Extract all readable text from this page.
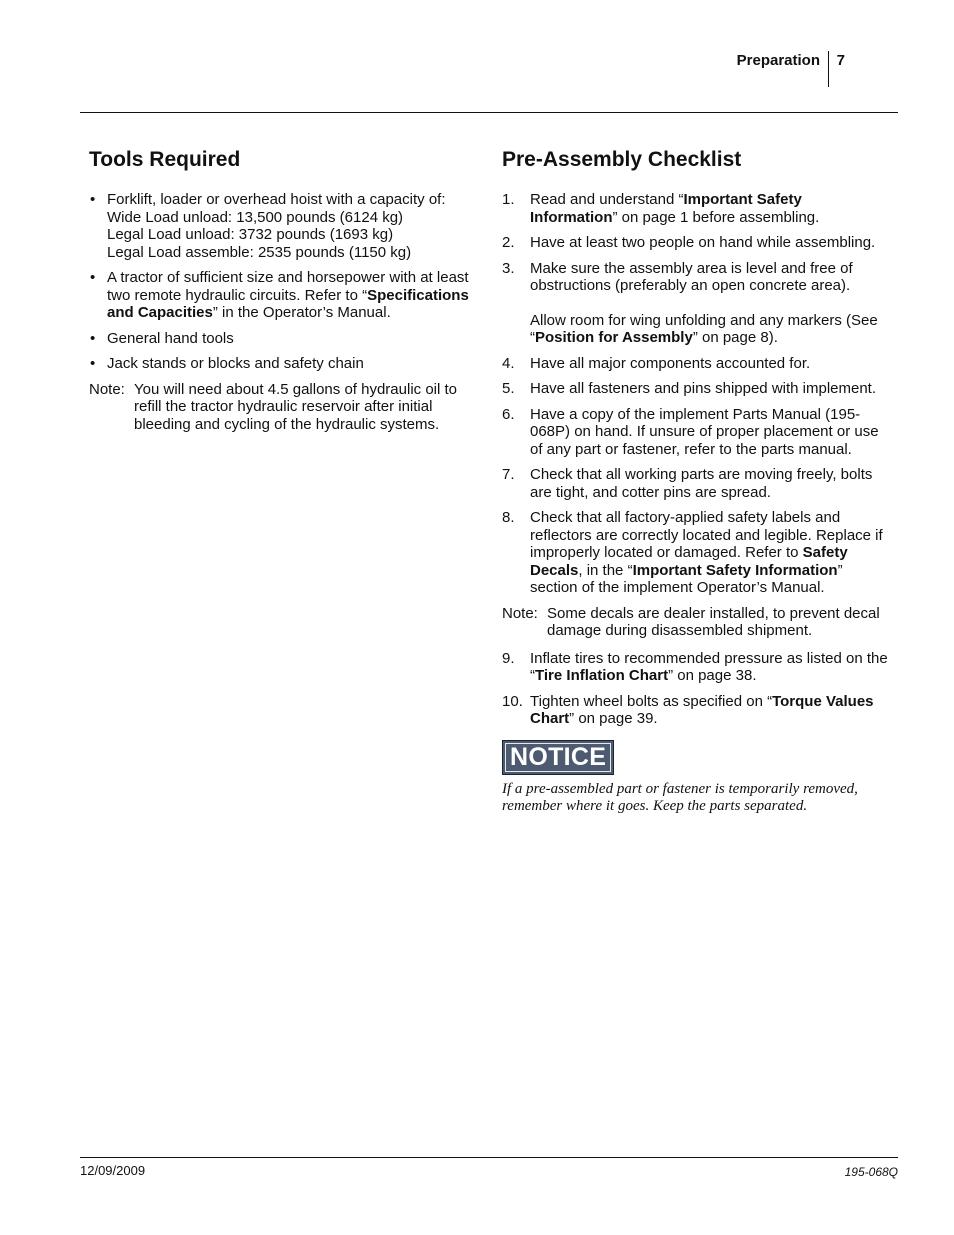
Preparation 7
Tools Required
• Forklift, loader or overhead hoist with a capacity of:
Wide Load unload: 13,500 pounds (6124 kg)
Legal Load unload: 3732 pounds (1693 kg)
Legal Load assemble: 2535 pounds (1150 kg)
• A tractor of sufficient size and horsepower with at least two remote hydraulic circuits. Refer to “Specifications and Capacities” in the Operator’s Manual.
• General hand tools
• Jack stands or blocks and safety chain
Note: You will need about 4.5 gallons of hydraulic oil to refill the tractor hydraulic reservoir after initial bleeding and cycling of the hydraulic systems.
Pre-Assembly Checklist
1.	Read and understand “Important Safety Information” on page 1 before assembling.
2.	Have at least two people on hand while assembling.
3.	Make sure the assembly area is level and free of obstructions (preferably an open concrete area).
Allow room for wing unfolding and any markers (See “Position for Assembly” on page 8).
4.	Have all major components accounted for.
5.	Have all fasteners and pins shipped with implement.
6.	Have a copy of the implement Parts Manual (195-068P) on hand. If unsure of proper placement or use of any part or fastener, refer to the parts manual.
7.	Check that all working parts are moving freely, bolts are tight, and cotter pins are spread.
8.	Check that all factory-applied safety labels and reflectors are correctly located and legible. Replace if improperly located or damaged. Refer to Safety Decals, in the “Important Safety Information” section of the implement Operator’s Manual.
Note: Some decals are dealer installed, to prevent decal damage during disassembled shipment.
9.	Inflate tires to recommended pressure as listed on the “Tire Inflation Chart” on page 38.
10. Tighten wheel bolts as specified on “Torque Values Chart” on page 39.
NOTICE
If a pre-assembled part or fastener is temporarily removed, remember where it goes. Keep the parts separated.
12/09/2009	195-068Q
